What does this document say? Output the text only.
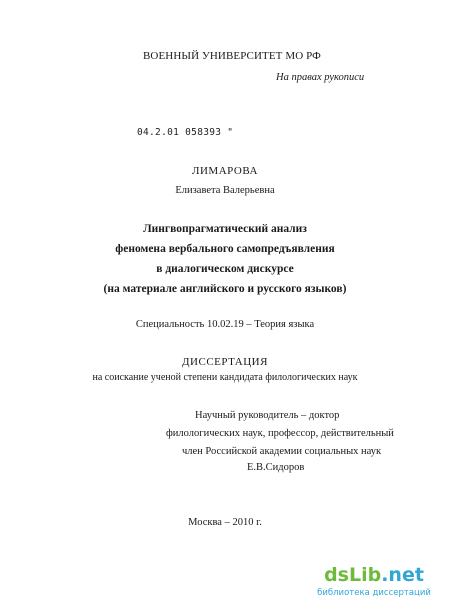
ВОЕННЫЙ УНИВЕРСИТЕТ МО РФ
На правах рукописи
04.2.01 058393 "
ЛИМАРОВА
Елизавета Валерьевна
Лингвопрагматический анализ
феномена вербального самопредъявления
в диалогическом дискурсе
(на материале английского и русского языков)
Специальность 10.02.19 – Теория языка
ДИССЕРТАЦИЯ
на соискание ученой степени кандидата филологических наук
Научный руководитель – доктор
филологических наук, профессор, действительный
член Российской академии социальных наук
Е.В.Сидоров
Москва – 2010 г.
dsLib.net
библиотека диссертаций
